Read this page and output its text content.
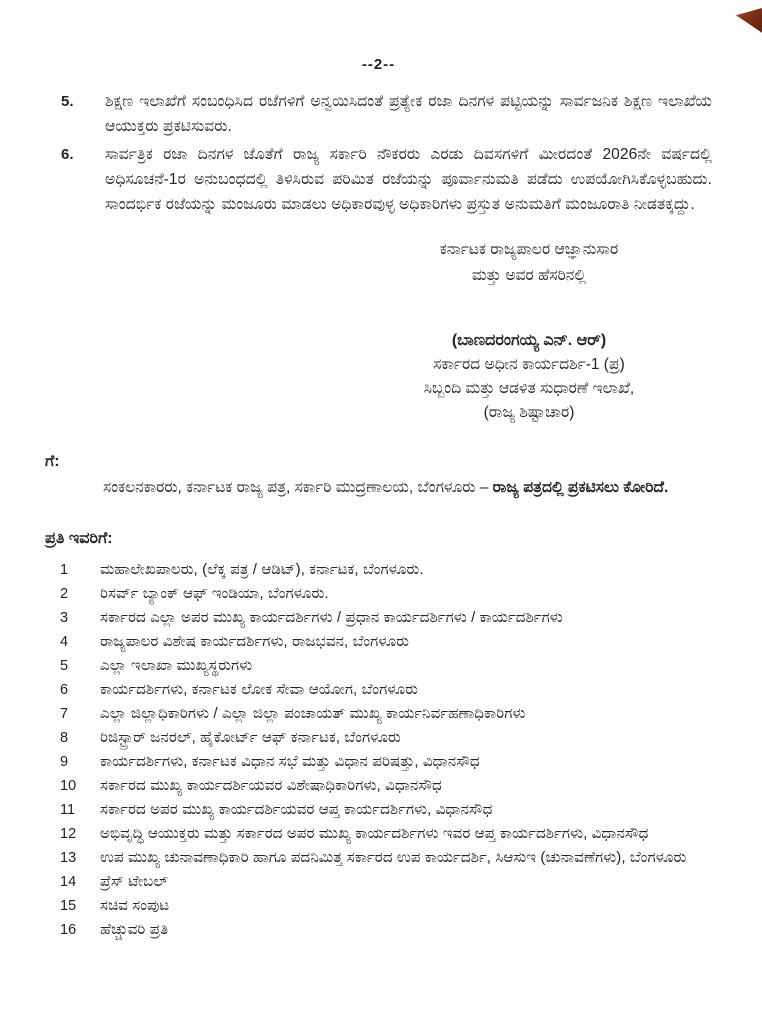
--2--
5.	ಶಿಕ್ಷಣ ಇಲಾಖೆಗೆ ಸಂಬಂಧಿಸಿದ ರಜೆಗಳಿಗೆ ಅನ್ವಯಿಸಿದಂತೆ ಪ್ರತ್ಯೇಕ ರಜಾ ದಿನಗಳ ಪಟ್ಟಿಯನ್ನು ಸಾರ್ವಜನಿಕ ಶಿಕ್ಷಣ ಇಲಾಖೆಯ ಆಯುಕ್ತರು ಪ್ರಕಟಿಸುವರು.
6.	ಸಾರ್ವತ್ರಿಕ ರಜಾ ದಿನಗಳ ಜೊತೆಗೆ ರಾಜ್ಯ ಸರ್ಕಾರಿ ನೌಕರರು ಎರಡು ದಿವಸಗಳಿಗೆ ಮೀರದಂತೆ 2026ನೇ ವರ್ಷದಲ್ಲಿ ಅಧಿಸೂಚನೆ-1ರ ಅನುಬಂಧದಲ್ಲಿ ತಿಳಿಸಿರುವ ಪರಿಮಿತ ರಜೆಯನ್ನು ಪೂರ್ವಾನುಮತಿ ಪಡೆದು ಉಪಯೋಗಿಸಿಕೊಳ್ಳಬಹುದು. ಸಾಂದರ್ಭಿಕ ರಜೆಯನ್ನು ಮಂಜೂರು ಮಾಡಲು ಅಧಿಕಾರವುಳ್ಳ ಅಧಿಕಾರಿಗಳು ಪ್ರಸ್ತುತ ಅನುಮತಿಗೆ ಮಂಜೂರಾತಿ ನೀಡತಕ್ಕದ್ದು.
ಕರ್ನಾಟಕ ರಾಜ್ಯಪಾಲರ ಆಜ್ಞಾನುಸಾರ
ಮತ್ತು ಅವರ ಹೆಸರಿನಲ್ಲಿ
(ಬಾಣದರಂಗಯ್ಯ ಎನ್. ಆರ್)
ಸರ್ಕಾರದ ಅಧೀನ ಕಾರ್ಯದರ್ಶಿ-1 (ಪ್ರ)
ಸಿಬ್ಬಂದಿ ಮತ್ತು ಆಡಳಿತ ಸುಧಾರಣೆ ಇಲಾಖೆ,
(ರಾಜ್ಯ ಶಿಷ್ಟಾಚಾರ)
ಗೆ:
ಸಂಕಲನಕಾರರು, ಕರ್ನಾಟಕ ರಾಜ್ಯ ಪತ್ರ, ಸರ್ಕಾರಿ ಮುದ್ರಣಾಲಯ, ಬೆಂಗಳೂರು – ರಾಜ್ಯ ಪತ್ರದಲ್ಲಿ ಪ್ರಕಟಿಸಲು ಕೋರಿದೆ.
ಪ್ರತಿ ಇವರಿಗೆ:
1	ಮಹಾಲೇಖಪಾಲರು, (ಲೆಕ್ಕ ಪತ್ರ / ಆಡಿಟ್), ಕರ್ನಾಟಕ, ಬೆಂಗಳೂರು.
2	ರಿಸರ್ವ್ ಬ್ಯಾಂಕ್ ಆಫ್ ಇಂಡಿಯಾ, ಬೆಂಗಳೂರು.
3	ಸರ್ಕಾರದ ಎಲ್ಲಾ ಅಪರ ಮುಖ್ಯ ಕಾರ್ಯದರ್ಶಿಗಳು / ಪ್ರಧಾನ ಕಾರ್ಯದರ್ಶಿಗಳು / ಕಾರ್ಯದರ್ಶಿಗಳು
4	ರಾಜ್ಯಪಾಲರ ವಿಶೇಷ ಕಾರ್ಯದರ್ಶಿಗಳು, ರಾಜಭವನ, ಬೆಂಗಳೂರು
5	ಎಲ್ಲಾ ಇಲಾಖಾ ಮುಖ್ಯಸ್ಥರುಗಳು
6	ಕಾರ್ಯದರ್ಶಿಗಳು, ಕರ್ನಾಟಕ ಲೋಕ ಸೇವಾ ಆಯೋಗ, ಬೆಂಗಳೂರು
7	ಎಲ್ಲಾ ಜಿಲ್ಲಾಧಿಕಾರಿಗಳು / ಎಲ್ಲಾ ಜಿಲ್ಲಾ ಪಂಚಾಯತ್ ಮುಖ್ಯ ಕಾರ್ಯನಿರ್ವಹಣಾಧಿಕಾರಿಗಳು
8	ರಿಜಿಸ್ಟ್ರಾರ್ ಜನರಲ್, ಹೈಕೋರ್ಟ್ ಆಫ್ ಕರ್ನಾಟಕ, ಬೆಂಗಳೂರು
9	ಕಾರ್ಯದರ್ಶಿಗಳು, ಕರ್ನಾಟಕ ವಿಧಾನ ಸಭೆ ಮತ್ತು ವಿಧಾನ ಪರಿಷತ್ತು, ವಿಧಾನಸೌಧ
10	ಸರ್ಕಾರದ ಮುಖ್ಯ ಕಾರ್ಯದರ್ಶಿಯವರ ವಿಶೇಷಾಧಿಕಾರಿಗಳು, ವಿಧಾನಸೌಧ
11	ಸರ್ಕಾರದ ಅಪರ ಮುಖ್ಯ ಕಾರ್ಯದರ್ಶಿಯವರ ಆಪ್ತ ಕಾರ್ಯದರ್ಶಿಗಳು, ವಿಧಾನಸೌಧ
12	ಅಭಿವೃದ್ಧಿ ಆಯುಕ್ತರು ಮತ್ತು ಸರ್ಕಾರದ ಅಪರ ಮುಖ್ಯ ಕಾರ್ಯದರ್ಶಿಗಳು ಇವರ ಆಪ್ತ ಕಾರ್ಯದರ್ಶಿಗಳು, ವಿಧಾನಸೌಧ
13	ಉಪ ಮುಖ್ಯ ಚುನಾವಣಾಧಿಕಾರಿ ಹಾಗೂ ಪದನಿಮಿತ್ತ ಸರ್ಕಾರದ ಉಪ ಕಾರ್ಯದರ್ಶಿ, ಸಿಆಸುಇ (ಚುನಾವಣೆಗಳು), ಬೆಂಗಳೂರು
14	ಪ್ರೆಸ್ ಟೇಬಲ್
15	ಸಚಿವ ಸಂಪುಟ
16	ಹೆಚ್ಚುವರಿ ಪ್ರತಿ
